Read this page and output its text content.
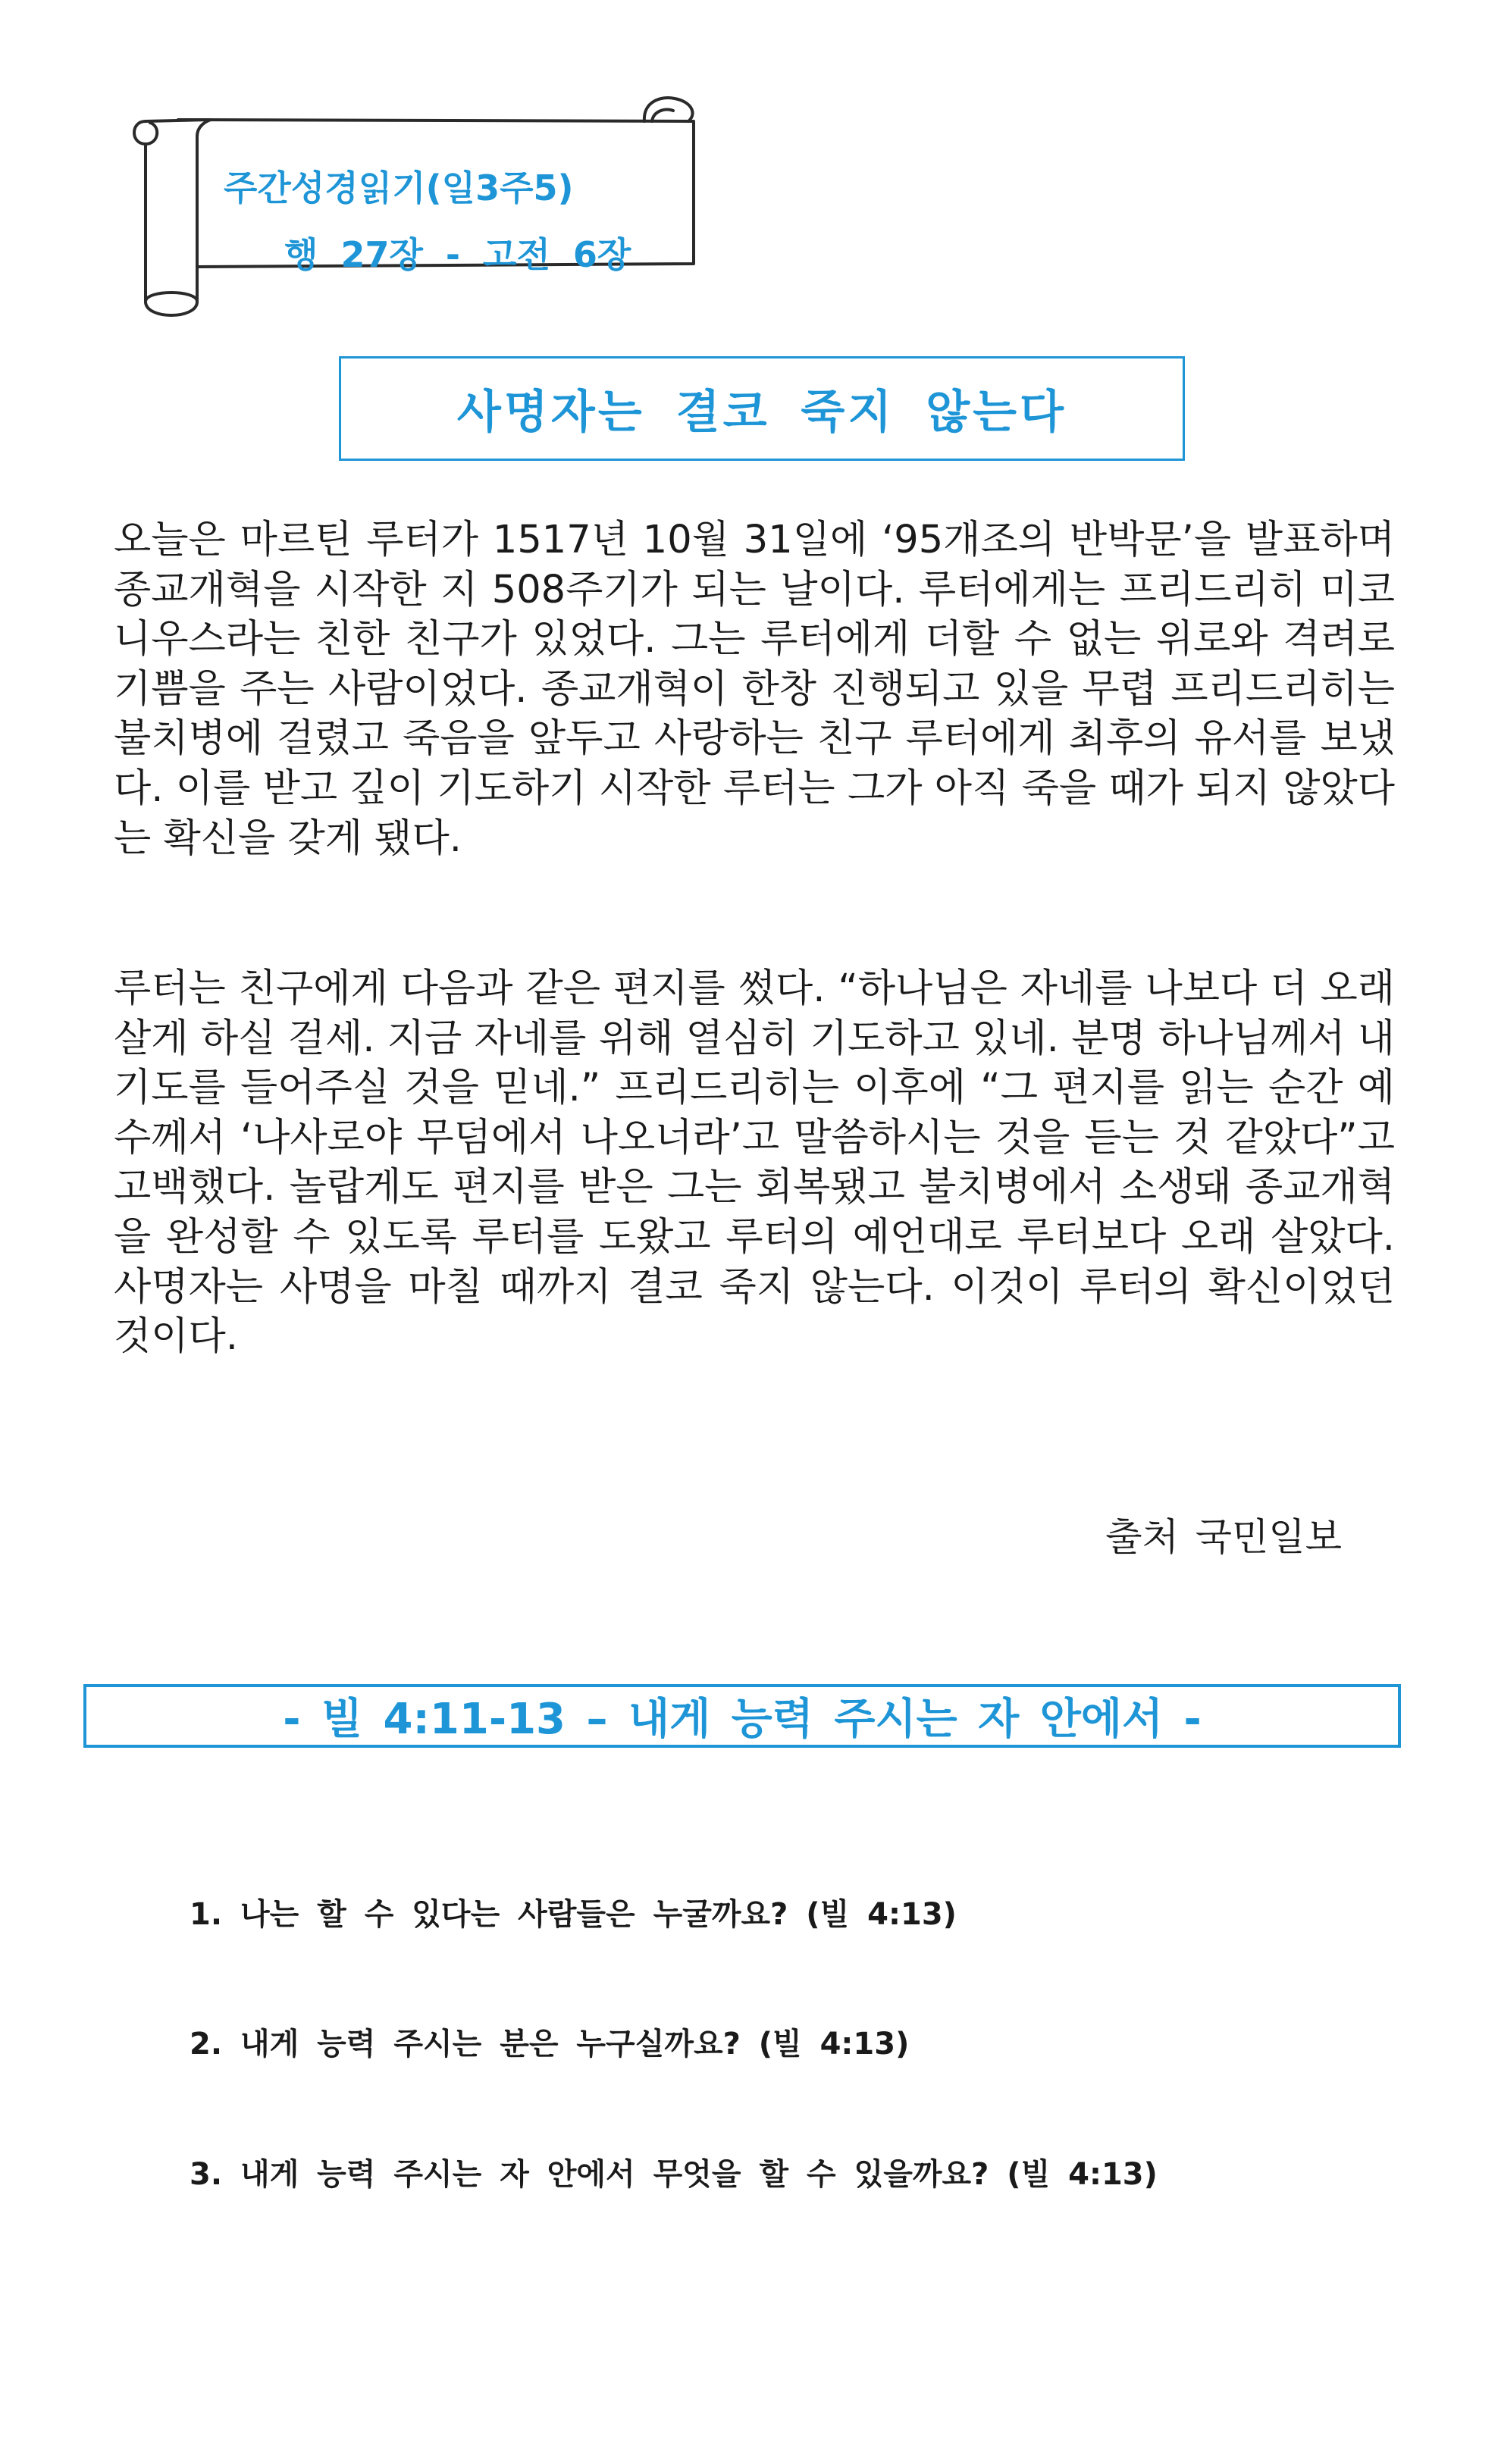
주간성경읽기(일3주5)
행 27장 - 고전 6장
사명자는 결코 죽지 않는다

오늘은 마르틴 루터가 1517년 10월 31일에 ‘95개조의 반박문’을 발표하며 종교개혁을 시작한 지 508주기가 되는 날이다. 루터에게는 프리드리히 미코니우스라는 친한 친구가 있었다. 그는 루터에게 더할 수 없는 위로와 격려로 기쁨을 주는 사람이었다. 종교개혁이 한창 진행되고 있을 무렵 프리드리히는 불치병에 걸렸고 죽음을 앞두고 사랑하는 친구 루터에게 최후의 유서를 보냈다. 이를 받고 깊이 기도하기 시작한 루터는 그가 아직 죽을 때가 되지 않았다는 확신을 갖게 됐다.

루터는 친구에게 다음과 같은 편지를 썼다. “하나님은 자네를 나보다 더 오래 살게 하실 걸세. 지금 자네를 위해 열심히 기도하고 있네. 분명 하나님께서 내 기도를 들어주실 것을 믿네.” 프리드리히는 이후에 “그 편지를 읽는 순간 예수께서 ‘나사로야 무덤에서 나오너라’고 말씀하시는 것을 듣는 것 같았다”고 고백했다. 놀랍게도 편지를 받은 그는 회복됐고 불치병에서 소생돼 종교개혁을 완성할 수 있도록 루터를 도왔고 루터의 예언대로 루터보다 오래 살았다. 사명자는 사명을 마칠 때까지 결코 죽지 않는다. 이것이 루터의 확신이었던 것이다.

출처 국민일보
- 빌 4:11-13 – 내게 능력 주시는 자 안에서 -
1. 나는 할 수 있다는 사람들은 누굴까요? (빌 4:13)
2. 내게 능력 주시는 분은 누구실까요? (빌 4:13)
3. 내게 능력 주시는 자 안에서 무엇을 할 수 있을까요? (빌 4:13)
